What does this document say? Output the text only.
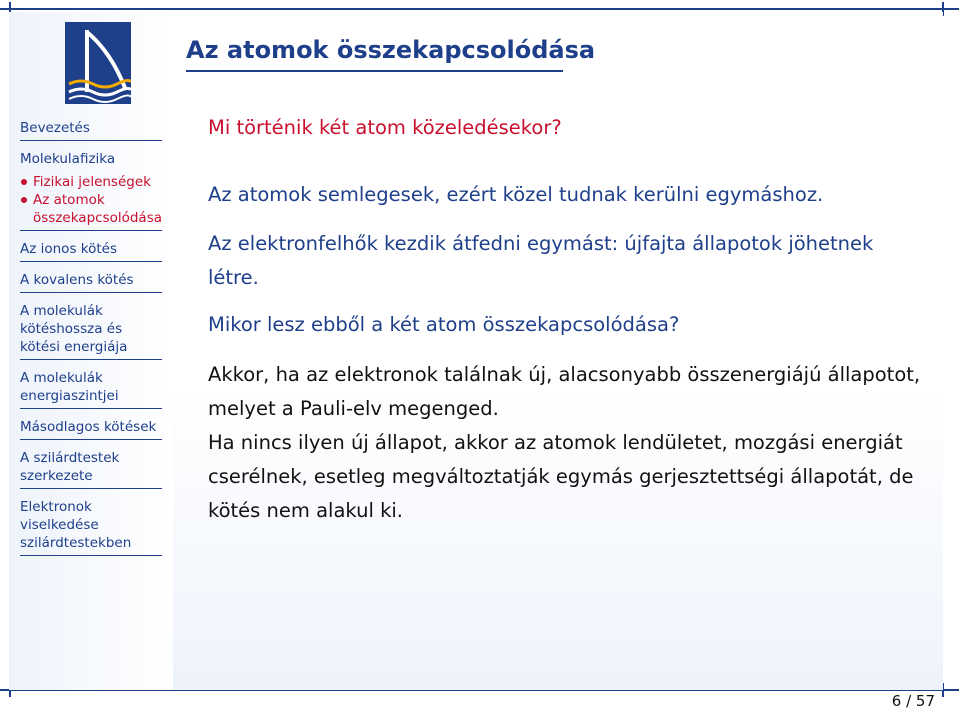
Bevezetés
Molekulafizika
Fizikai jelenségek
Az atomok összekapcsolódása
Az ionos kötés
A kovalens kötés
A molekulák kötéshossza és kötési energiája
A molekulák energiaszintjei
Másodlagos kötések
A szilárdtestek szerkezete
Elektronok viselkedése szilárdtestekben
Az atomok összekapcsolódása
Mi történik két atom közeledésekor?
Az atomok semlegesek, ezért közel tudnak kerülni egymáshoz.
Az elektronfelhők kezdik átfedni egymást: újfajta állapotok jöhetnek létre.
Mikor lesz ebből a két atom összekapcsolódása?
Akkor, ha az elektronok találnak új, alacsonyabb összenergiájú állapotot, melyet a Pauli-elv megenged.
Ha nincs ilyen új állapot, akkor az atomok lendületet, mozgási energiát cserélnek, esetleg megváltoztatják egymás gerjesztettségi állapotát, de kötés nem alakul ki.
6 / 57
